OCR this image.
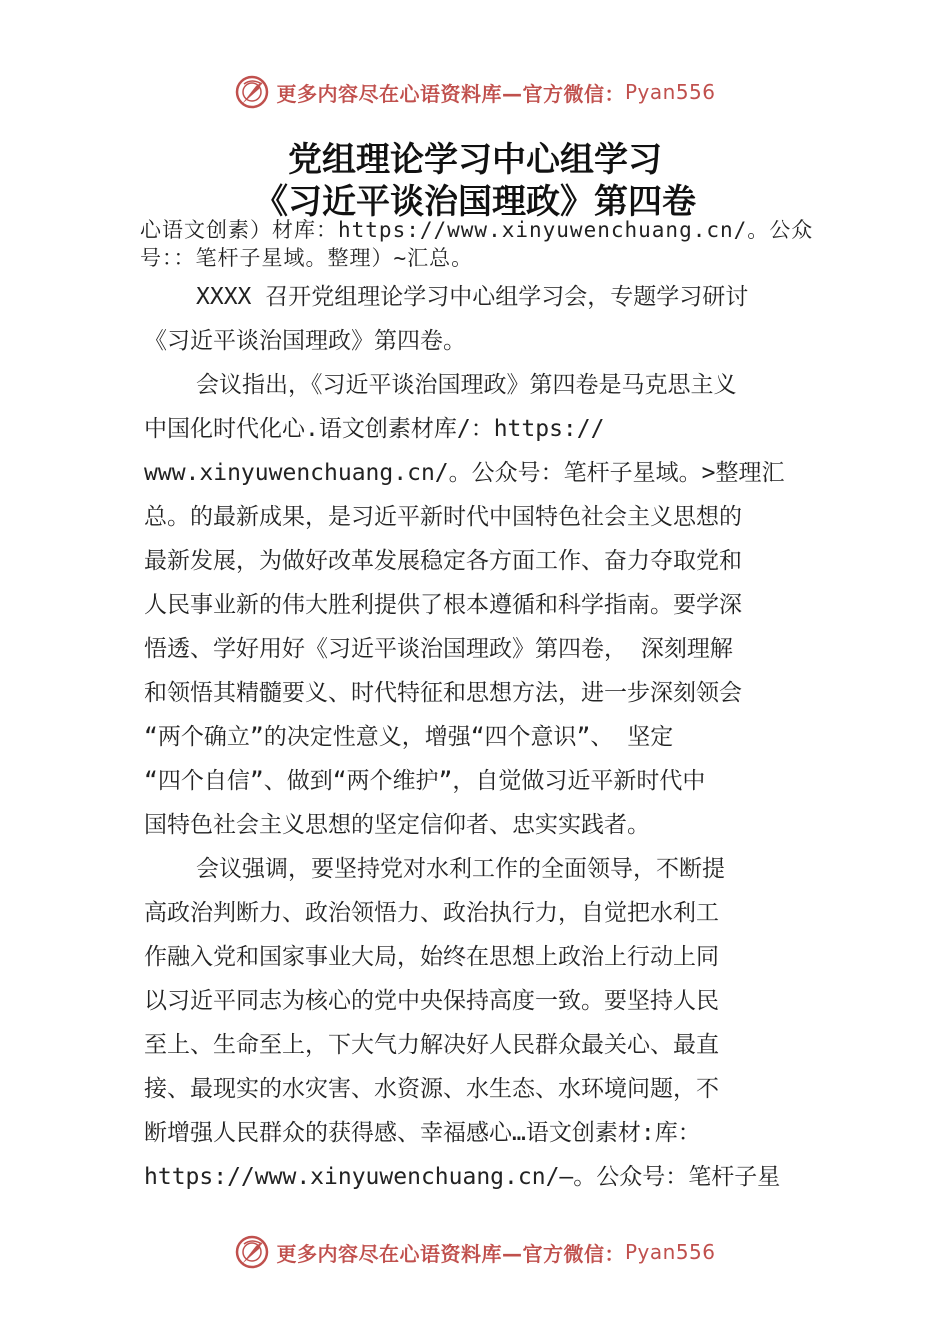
更多内容尽在心语资料库—官方微信： Pyan556
党组理论学习中心组学习
《习近平谈治国理政》第四卷

心语文创素）材库：https://www.xinyuwenchuang.cn/。公众

号：：笔杆子星域。整理）~汇总。

XXXX 召开党组理论学习中心组学习会，专题学习研讨

《习近平谈治国理政》第四卷。

会议指出，《习近平谈治国理政》第四卷是马克思主义

中国化时代化心.语文创素材库/：https://

www.xinyuwenchuang.cn/。公众号：笔杆子星域。>整理汇

总。的最新成果，是习近平新时代中国特色社会主义思想的

最新发展，为做好改革发展稳定各方面工作、奋力夺取党和

人民事业新的伟大胜利提供了根本遵循和科学指南。要学深

悟透、学好用好《习近平谈治国理政》第四卷， 深刻理解

和领悟其精髓要义、时代特征和思想方法，进一步深刻领会

“两个确立”的决定性意义，增强“四个意识”、 坚定

“四个自信”、做到“两个维护”，自觉做习近平新时代中

国特色社会主义思想的坚定信仰者、忠实实践者。

会议强调，要坚持党对水利工作的全面领导，不断提

高政治判断力、政治领悟力、政治执行力，自觉把水利工

作融入党和国家事业大局，始终在思想上政治上行动上同

以习近平同志为核心的党中央保持高度一致。要坚持人民

至上、生命至上，下大气力解决好人民群众最关心、最直

接、最现实的水灾害、水资源、水生态、水环境问题，不

断增强人民群众的获得感、幸福感心…语文创素材:库：

https://www.xinyuwenchuang.cn/—。公众号：笔杆子星

更多内容尽在心语资料库—官方微信： Pyan556
